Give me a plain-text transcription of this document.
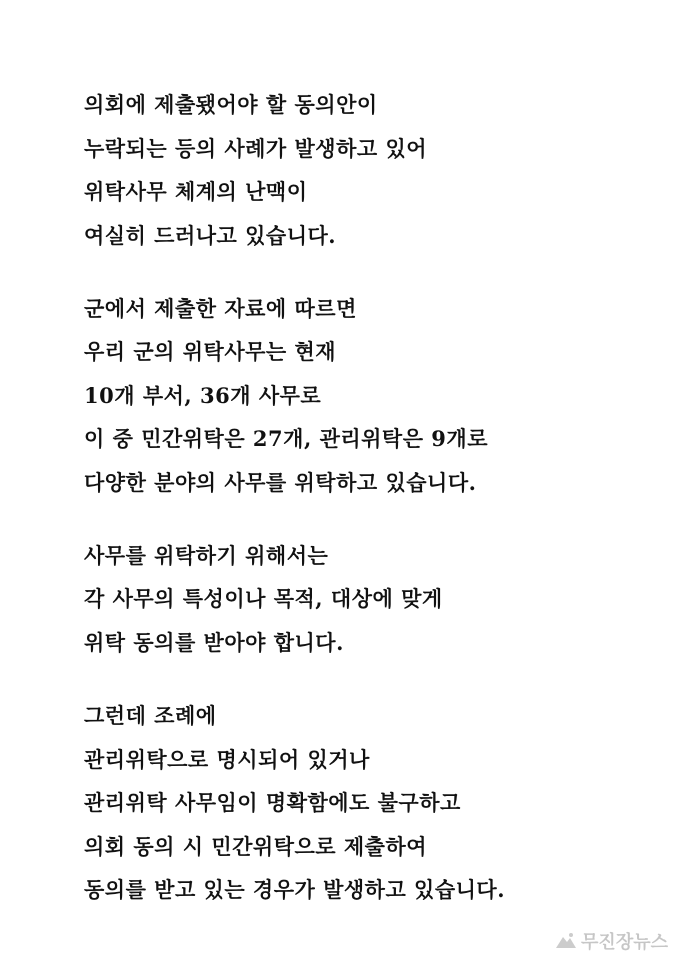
의회에 제출됐어야 할 동의안이
누락되는 등의 사례가 발생하고 있어
위탁사무 체계의 난맥이
여실히 드러나고 있습니다.
군에서 제출한 자료에 따르면
우리 군의 위탁사무는 현재
10개 부서, 36개 사무로
이 중 민간위탁은 27개, 관리위탁은 9개로
다양한 분야의 사무를 위탁하고 있습니다.
사무를 위탁하기 위해서는
각 사무의 특성이나 목적, 대상에 맞게
위탁 동의를 받아야 합니다.
그런데 조례에
관리위탁으로 명시되어 있거나
관리위탁 사무임이 명확함에도 불구하고
의회 동의 시 민간위탁으로 제출하여
동의를 받고 있는 경우가 발생하고 있습니다.
무진장뉴스
